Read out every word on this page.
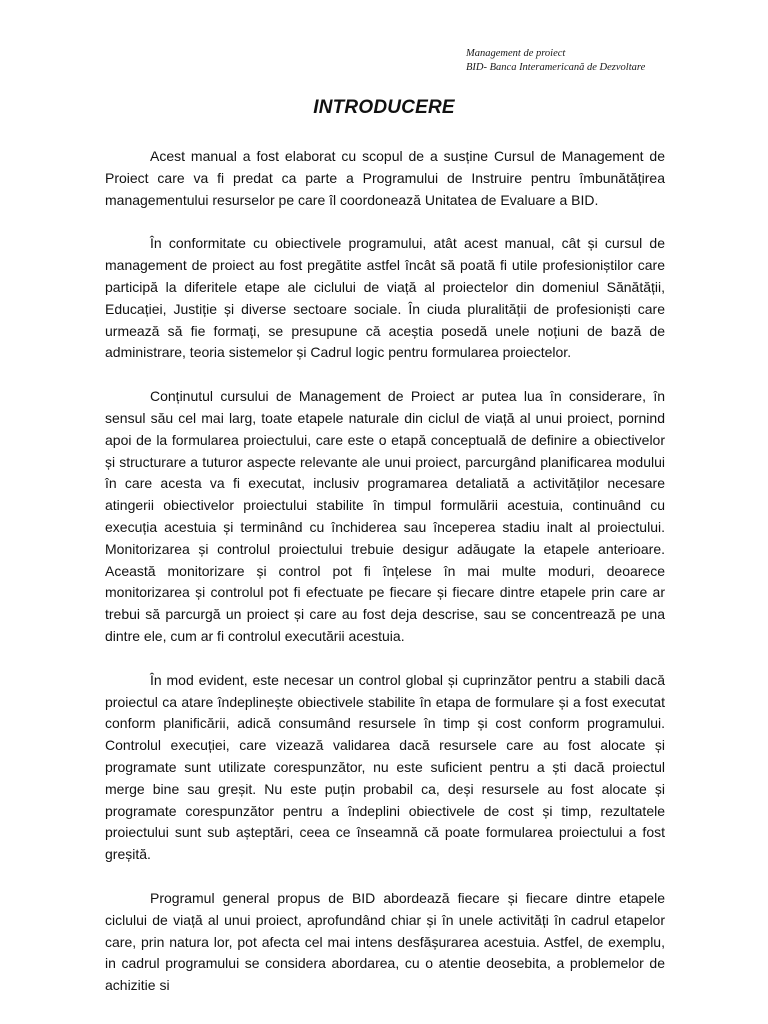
Management de proiect
BID- Banca Interamericană de Dezvoltare
INTRODUCERE

Acest manual a fost elaborat cu scopul de a susține Cursul de Management de Proiect care va fi predat ca parte a Programului de Instruire pentru îmbunătățirea managementului resurselor pe care îl coordonează Unitatea de Evaluare a BID.

În conformitate cu obiectivele programului, atât acest manual, cât și cursul de management de proiect au fost pregătite astfel încât să poată fi utile profesioniștilor care participă la diferitele etape ale ciclului de viață al proiectelor din domeniul Sănătății, Educației, Justiție și diverse sectoare sociale. În ciuda pluralității de profesioniști care urmează să fie formați, se presupune că aceștia posedă unele noțiuni de bază de administrare, teoria sistemelor și Cadrul logic pentru formularea proiectelor.

Conținutul cursului de Management de Proiect ar putea lua în considerare, în sensul său cel mai larg, toate etapele naturale din ciclul de viață al unui proiect, pornind apoi de la formularea proiectului, care este o etapă conceptuală de definire a obiectivelor și structurare a tuturor aspecte relevante ale unui proiect, parcurgând planificarea modului în care acesta va fi executat, inclusiv programarea detaliată a activităților necesare atingerii obiectivelor proiectului stabilite în timpul formulării acestuia, continuând cu execuția acestuia și terminând cu închiderea sau începerea stadiu inalt al proiectului. Monitorizarea și controlul proiectului trebuie desigur adăugate la etapele anterioare. Această monitorizare și control pot fi înțelese în mai multe moduri, deoarece monitorizarea și controlul pot fi efectuate pe fiecare și fiecare dintre etapele prin care ar trebui să parcurgă un proiect și care au fost deja descrise, sau se concentrează pe una dintre ele, cum ar fi controlul executării acestuia.

În mod evident, este necesar un control global și cuprinzător pentru a stabili dacă proiectul ca atare îndeplinește obiectivele stabilite în etapa de formulare și a fost executat conform planificării, adică consumând resursele în timp și cost conform programului. Controlul execuției, care vizează validarea dacă resursele care au fost alocate și programate sunt utilizate corespunzător, nu este suficient pentru a ști dacă proiectul merge bine sau greșit. Nu este puțin probabil ca, deși resursele au fost alocate și programate corespunzător pentru a îndeplini obiectivele de cost și timp, rezultatele proiectului sunt sub așteptări, ceea ce înseamnă că poate formularea proiectului a fost greșită.

Programul general propus de BID abordează fiecare și fiecare dintre etapele ciclului de viață al unui proiect, aprofundând chiar și în unele activități în cadrul etapelor care, prin natura lor, pot afecta cel mai intens desfășurarea acestuia. Astfel, de exemplu, in cadrul programului se considera abordarea, cu o atentie deosebita, a problemelor de achizitie si
